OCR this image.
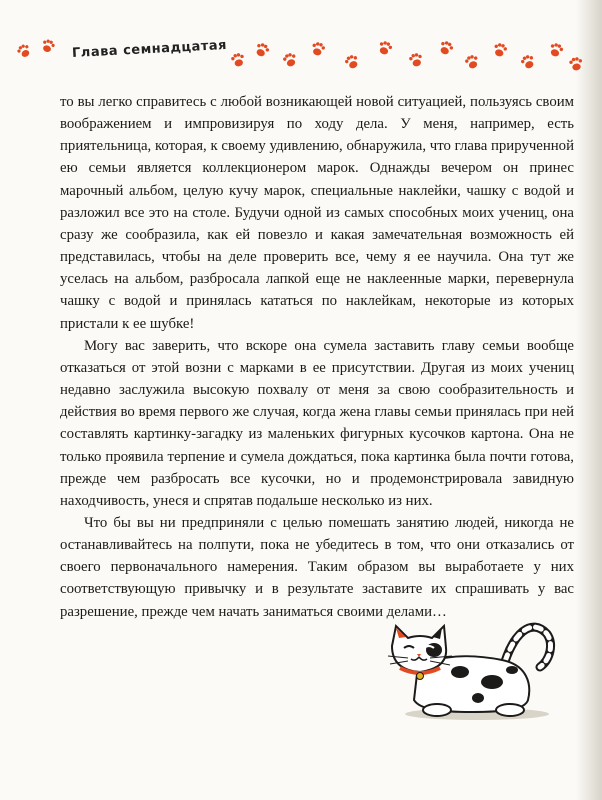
Глава семнадцатая

то вы легко справитесь с любой возникающей новой ситуацией, пользуясь своим воображением и импровизируя по ходу дела. У меня, например, есть приятельница, которая, к своему удивлению, обнаружила, что глава прирученной ею семьи является коллекционером марок. Однажды вечером он принес марочный альбом, целую кучу марок, специальные наклейки, чашку с водой и разложил все это на столе. Будучи одной из самых способных моих учениц, она сразу же сообразила, как ей повезло и какая замечательная возможность ей представилась, чтобы на деле проверить все, чему я ее научила. Она тут же уселась на альбом, разбросала лапкой еще не наклеенные марки, перевернула чашку с водой и принялась кататься по наклейкам, некоторые из которых пристали к ее шубке!

Могу вас заверить, что вскоре она сумела заставить главу семьи вообще отказаться от этой возни с марками в ее присутствии. Другая из моих учениц недавно заслужила высокую похвалу от меня за свою сообразительность и действия во время первого же случая, когда жена главы семьи принялась при ней составлять картинку-загадку из маленьких фигурных кусочков картона. Она не только проявила терпение и сумела дождаться, пока картинка была почти готова, прежде чем разбросать все кусочки, но и продемонстрировала завидную находчивость, унеся и спрятав подальше несколько из них.

Что бы вы ни предприняли с целью помешать занятию людей, никогда не останавливайтесь на полпути, пока не убедитесь в том, что они отказались от своего первоначального намерения. Таким образом вы выработаете у них соответствующую привычку и в результате заставите их спрашивать у вас разрешение, прежде чем начать заниматься своими делами…
